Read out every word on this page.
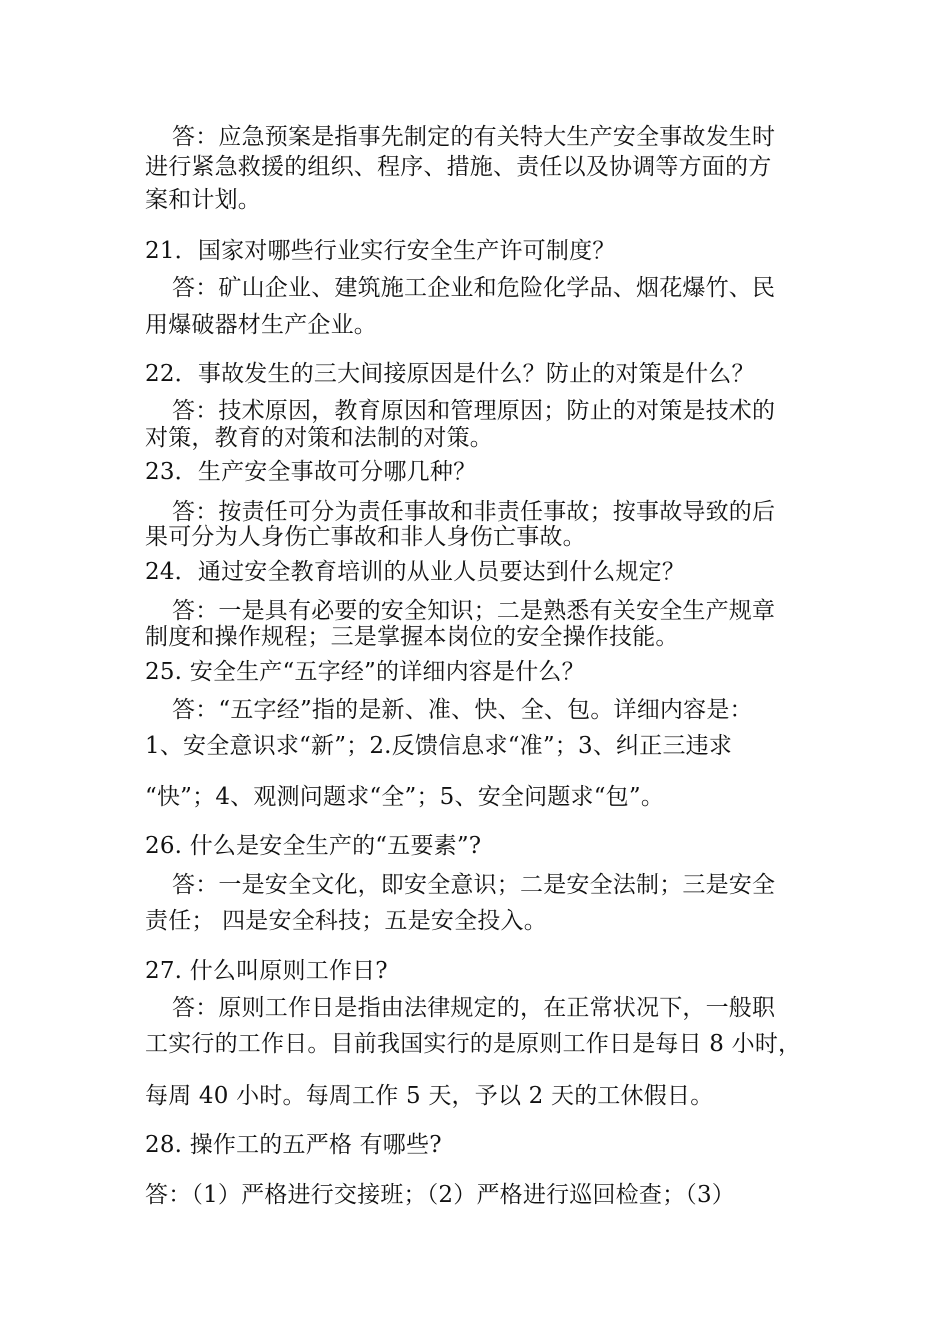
答：应急预案是指事先制定的有关特大生产安全事故发生时
进行紧急救援的组织、程序、措施、责任以及协调等方面的方
案和计划。
21．国家对哪些行业实行安全生产许可制度？
答：矿山企业、建筑施工企业和危险化学品、烟花爆竹、民
用爆破器材生产企业。
22．事故发生的三大间接原因是什么？防止的对策是什么？
答：技术原因，教育原因和管理原因；防止的对策是技术的
对策，教育的对策和法制的对策。
23．生产安全事故可分哪几种？
答：按责任可分为责任事故和非责任事故；按事故导致的后
果可分为人身伤亡事故和非人身伤亡事故。
24．通过安全教育培训的从业人员要达到什么规定？
答：一是具有必要的安全知识；二是熟悉有关安全生产规章
制度和操作规程；三是掌握本岗位的安全操作技能。
25. 安全生产“五字经”的详细内容是什么？
答：“五字经”指的是新、准、快、全、包。详细内容是：
1、安全意识求“新”；2.反馈信息求“准”；3、纠正三违求
“快”；4、观测问题求“全”；5、安全问题求“包”。
26. 什么是安全生产的“五要素”?
答：一是安全文化，即安全意识；二是安全法制；三是安全
责任； 四是安全科技；五是安全投入。
27. 什么叫原则工作日?
答：原则工作日是指由法律规定的，在正常状况下，一般职
工实行的工作日。目前我国实行的是原则工作日是每日 8 小时，
每周 40 小时。每周工作 5 天，予以 2 天的工休假日。
28. 操作工的五严格 有哪些?
答：（1）严格进行交接班；（2）严格进行巡回检查；（3）
